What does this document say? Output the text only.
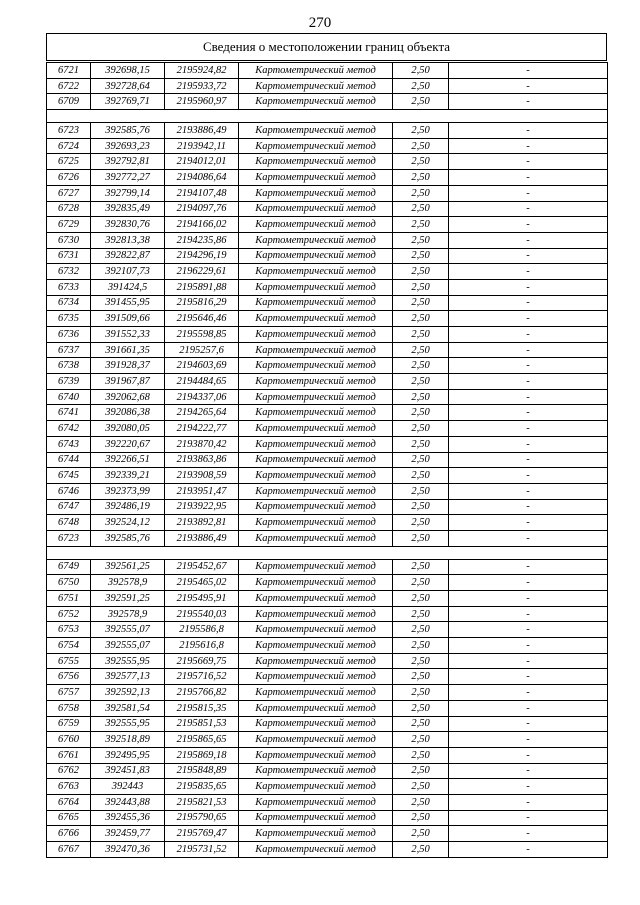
270
Сведения о местоположении границ объекта
6721	392698,15	2195924,82	Картометрический метод	2,50	-
6722	392728,64	2195933,72	Картометрический метод	2,50	-
6709	392769,71	2195960,97	Картометрический метод	2,50	-

6723	392585,76	2193886,49	Картометрический метод	2,50	-
6724	392693,23	2193942,11	Картометрический метод	2,50	-
6725	392792,81	2194012,01	Картометрический метод	2,50	-
6726	392772,27	2194086,64	Картометрический метод	2,50	-
6727	392799,14	2194107,48	Картометрический метод	2,50	-
6728	392835,49	2194097,76	Картометрический метод	2,50	-
6729	392830,76	2194166,02	Картометрический метод	2,50	-
6730	392813,38	2194235,86	Картометрический метод	2,50	-
6731	392822,87	2194296,19	Картометрический метод	2,50	-
6732	392107,73	2196229,61	Картометрический метод	2,50	-
6733	391424,5	2195891,88	Картометрический метод	2,50	-
6734	391455,95	2195816,29	Картометрический метод	2,50	-
6735	391509,66	2195646,46	Картометрический метод	2,50	-
6736	391552,33	2195598,85	Картометрический метод	2,50	-
6737	391661,35	2195257,6	Картометрический метод	2,50	-
6738	391928,37	2194603,69	Картометрический метод	2,50	-
6739	391967,87	2194484,65	Картометрический метод	2,50	-
6740	392062,68	2194337,06	Картометрический метод	2,50	-
6741	392086,38	2194265,64	Картометрический метод	2,50	-
6742	392080,05	2194222,77	Картометрический метод	2,50	-
6743	392220,67	2193870,42	Картометрический метод	2,50	-
6744	392266,51	2193863,86	Картометрический метод	2,50	-
6745	392339,21	2193908,59	Картометрический метод	2,50	-
6746	392373,99	2193951,47	Картометрический метод	2,50	-
6747	392486,19	2193922,95	Картометрический метод	2,50	-
6748	392524,12	2193892,81	Картометрический метод	2,50	-
6723	392585,76	2193886,49	Картометрический метод	2,50	-

6749	392561,25	2195452,67	Картометрический метод	2,50	-
6750	392578,9	2195465,02	Картометрический метод	2,50	-
6751	392591,25	2195495,91	Картометрический метод	2,50	-
6752	392578,9	2195540,03	Картометрический метод	2,50	-
6753	392555,07	2195586,8	Картометрический метод	2,50	-
6754	392555,07	2195616,8	Картометрический метод	2,50	-
6755	392555,95	2195669,75	Картометрический метод	2,50	-
6756	392577,13	2195716,52	Картометрический метод	2,50	-
6757	392592,13	2195766,82	Картометрический метод	2,50	-
6758	392581,54	2195815,35	Картометрический метод	2,50	-
6759	392555,95	2195851,53	Картометрический метод	2,50	-
6760	392518,89	2195865,65	Картометрический метод	2,50	-
6761	392495,95	2195869,18	Картометрический метод	2,50	-
6762	392451,83	2195848,89	Картометрический метод	2,50	-
6763	392443	2195835,65	Картометрический метод	2,50	-
6764	392443,88	2195821,53	Картометрический метод	2,50	-
6765	392455,36	2195790,65	Картометрический метод	2,50	-
6766	392459,77	2195769,47	Картометрический метод	2,50	-
6767	392470,36	2195731,52	Картометрический метод	2,50	-
